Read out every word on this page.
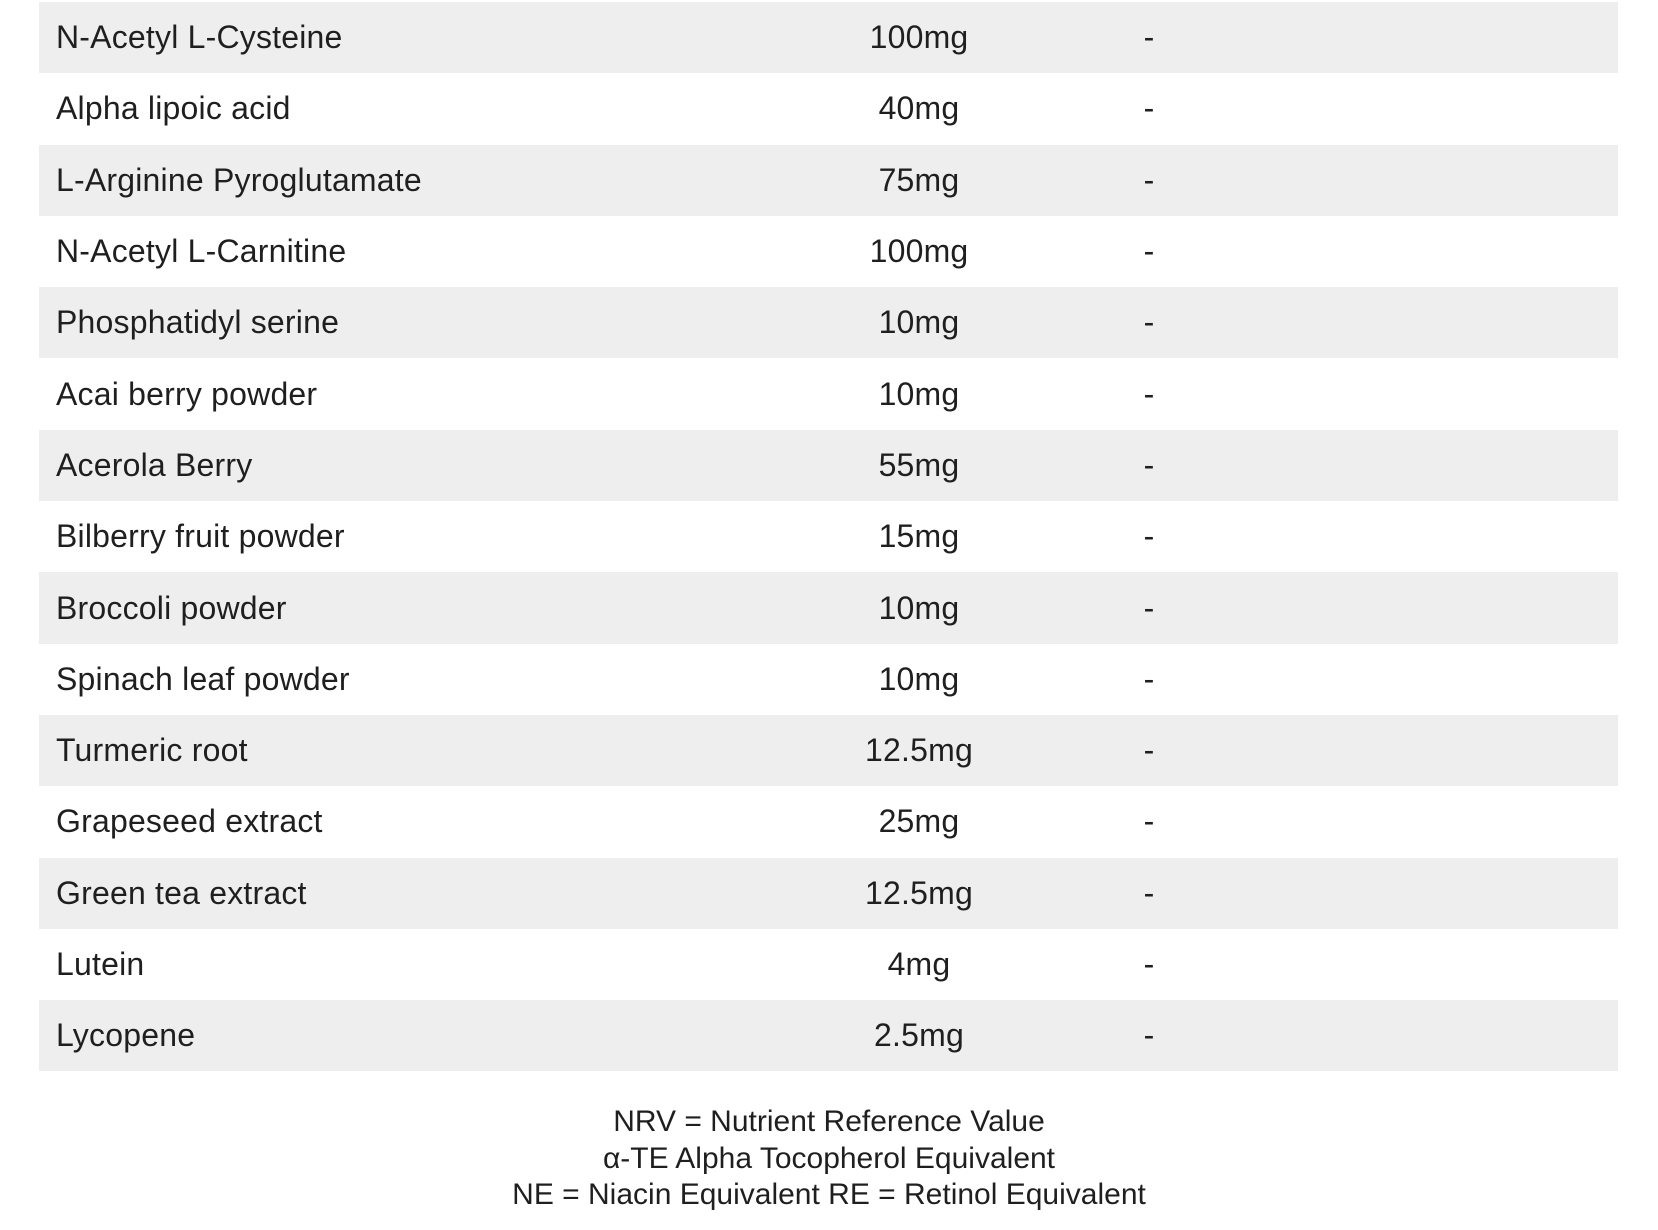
N-Acetyl L-Cysteine	100mg	-
Alpha lipoic acid	40mg	-
L-Arginine Pyroglutamate	75mg	-
N-Acetyl L-Carnitine	100mg	-
Phosphatidyl serine	10mg	-
Acai berry powder	10mg	-
Acerola Berry	55mg	-
Bilberry fruit powder	15mg	-
Broccoli powder	10mg	-
Spinach leaf powder	10mg	-
Turmeric root	12.5mg	-
Grapeseed extract	25mg	-
Green tea extract	12.5mg	-
Lutein	4mg	-
Lycopene	2.5mg	-
NRV = Nutrient Reference Value
α-TE Alpha Tocopherol Equivalent
NE = Niacin Equivalent RE = Retinol Equivalent
